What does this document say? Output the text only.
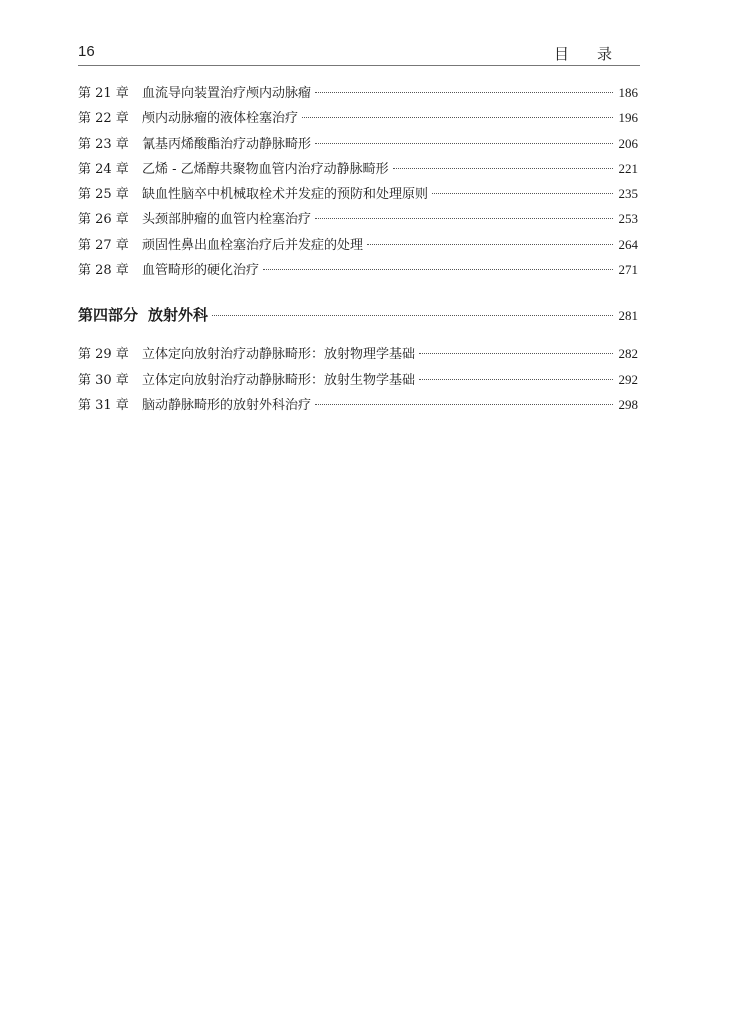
16	目录
第 21 章	血流导向装置治疗颅内动脉瘤	186
第 22 章	颅内动脉瘤的液体栓塞治疗	196
第 23 章	氰基丙烯酸酯治疗动静脉畸形	206
第 24 章	乙烯 - 乙烯醇共聚物血管内治疗动静脉畸形	221
第 25 章	缺血性脑卒中机械取栓术并发症的预防和处理原则	235
第 26 章	头颈部肿瘤的血管内栓塞治疗	253
第 27 章	顽固性鼻出血栓塞治疗后并发症的处理	264
第 28 章	血管畸形的硬化治疗	271
第四部分 放射外科	281
第 29 章	立体定向放射治疗动静脉畸形：放射物理学基础	282
第 30 章	立体定向放射治疗动静脉畸形：放射生物学基础	292
第 31 章	脑动静脉畸形的放射外科治疗	298
